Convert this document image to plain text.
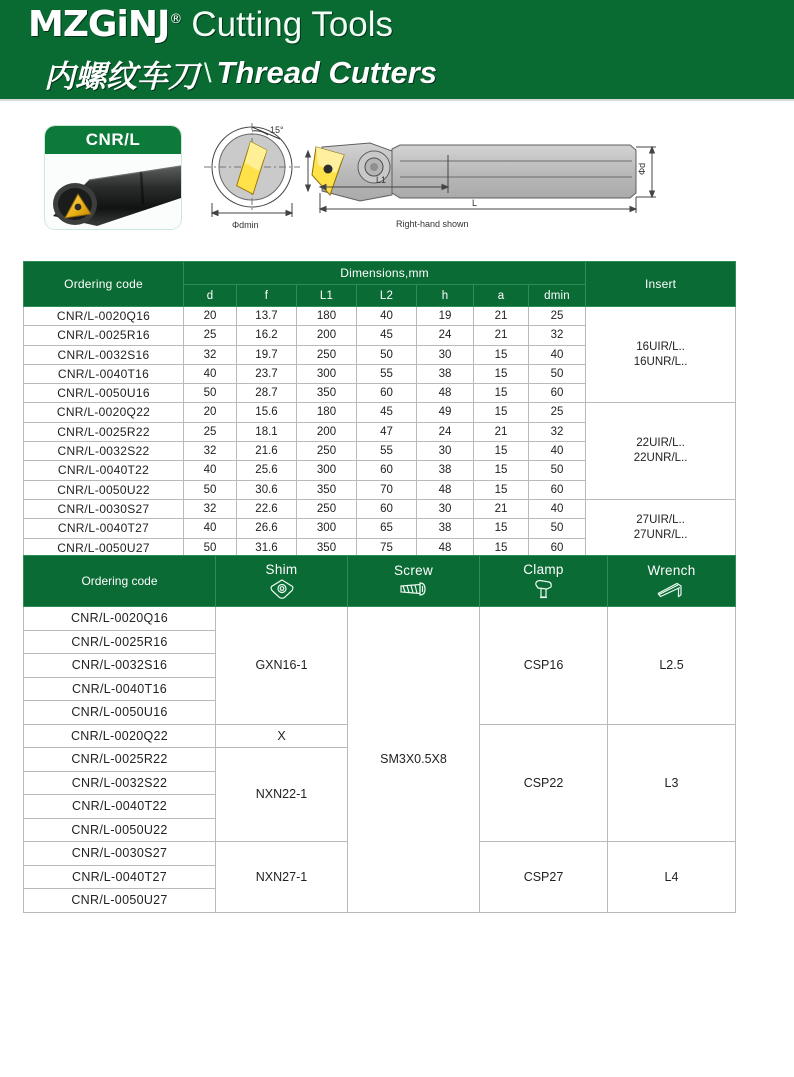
MZGiNJ® Cutting Tools
内螺纹车刀 \ Thread Cutters
CNR/L	15°
Φdmin
L1
L
Φd
Right-hand shown
Ordering code	Dimensions,mm							Insert
	d	f	L1	L2	h	a	dmin	
CNR/L-0020Q16	20	13.7	180	40	19	21	25	16UIR/L..
16UNR/L..

CNR/L-0025R16	25	16.2	200	45	24	21	32	
CNR/L-0032S16	32	19.7	250	50	30	15	40	
CNR/L-0040T16	40	23.7	300	55	38	15	50	
CNR/L-0050U16	50	28.7	350	60	48	15	60	
CNR/L-0020Q22	20	15.6	180	45	49	15	25	22UIR/L..
22UNR/L..

CNR/L-0025R22	25	18.1	200	47	24	21	32	
CNR/L-0032S22	32	21.6	250	55	30	15	40	
CNR/L-0040T22	40	25.6	300	60	38	15	50	
CNR/L-0050U22	50	30.6	350	70	48	15	60	
CNR/L-0030S27	32	22.6	250	60	30	21	40	27UIR/L..
27UNR/L..

CNR/L-0040T27	40	26.6	300	65	38	15	50	
CNR/L-0050U27	50	31.6	350	75	48	15	60	
Ordering code	Shim	Screw	Clamp	Wrench

CNR/L-0020Q16	GXN16-1	SM3X0.5X8	CSP16	L2.5
CNR/L-0025R16				
CNR/L-0032S16				
CNR/L-0040T16				
CNR/L-0050U16				
CNR/L-0020Q22	X		CSP22	L3
CNR/L-0025R22	NXN22-1			
CNR/L-0032S22				
CNR/L-0040T22				
CNR/L-0050U22				
CNR/L-0030S27	NXN27-1		CSP27	L4
CNR/L-0040T27				
CNR/L-0050U27				
